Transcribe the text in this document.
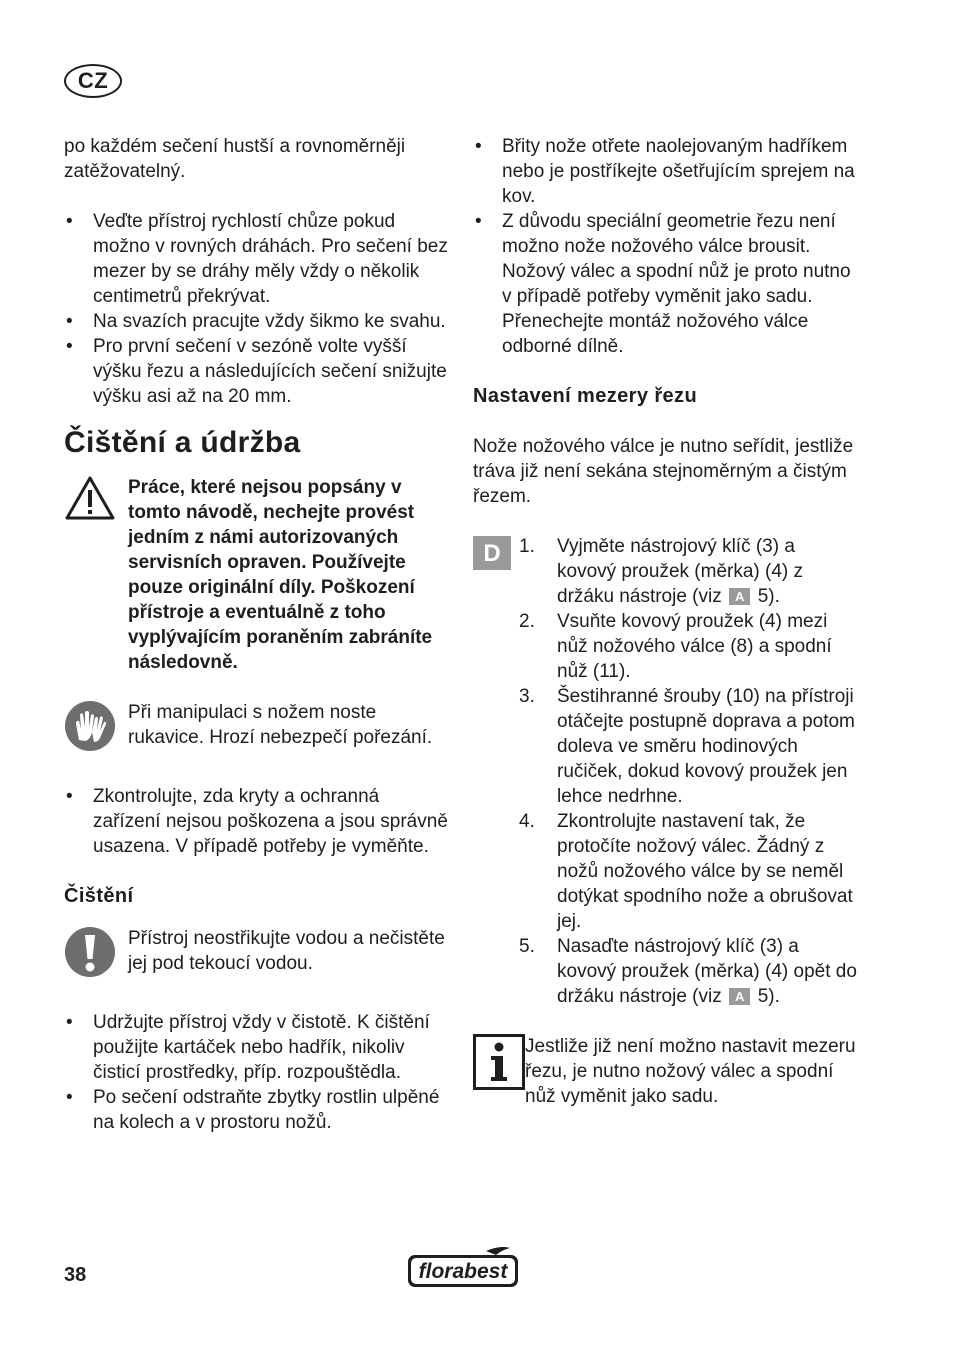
CZ

po každém sečení hustší a rovnoměrněji zatěžovatelný.

• Veďte přístroj rychlostí chůze pokud možno v rovných dráhách. Pro sečení bez mezer by se dráhy měly vždy o několik centimetrů překrývat.
• Na svazích pracujte vždy šikmo ke svahu.
• Pro první sečení v sezóně volte vyšší výšku řezu a následujících sečení snižujte výšku asi až na 20 mm.
Čištění a údržba

Práce, které nejsou popsány v tomto návodě, nechejte provést jedním z námi autorizovaných servisních opraven. Používejte pouze originální díly. Poškození přístroje a eventuálně z toho vyplývajícím poraněním zabráníte následovně.

Při manipulaci s nožem noste rukavice. Hrozí nebezpečí pořezání.

• Zkontrolujte, zda kryty a ochranná zařízení nejsou poškozena a jsou správně usazena. V případě potřeby je vyměňte.
Čištění

Přístroj neostřikujte vodou a nečistěte jej pod tekoucí vodou.

• Udržujte přístroj vždy v čistotě. K čištění použijte kartáček nebo hadřík, nikoliv čisticí prostředky, příp. rozpouštědla.
• Po sečení odstraňte zbytky rostlin ulpěné na kolech a v prostoru nožů.
• Břity nože otřete naolejovaným hadříkem nebo je postříkejte ošetřujícím sprejem na kov.
• Z důvodu speciální geometrie řezu není možno nože nožového válce brousit. Nožový válec a spodní nůž je proto nutno v případě potřeby vyměnit jako sadu. Přenechejte montáž nožového válce odborné dílně.
Nastavení mezery řezu

Nože nožového válce je nutno seřídit, jestliže tráva již není sekána stejnoměrným a čistým řezem.

D 1. Vyjměte nástrojový klíč (3) a kovový proužek (měrka) (4) z držáku nástroje (viz A 5).
2. Vsuňte kovový proužek (4) mezi nůž nožového válce (8) a spodní nůž (11).
3. Šestihranné šrouby (10) na přístroji otáčejte postupně doprava a potom doleva ve směru hodinových ručiček, dokud kovový proužek jen lehce nedrhne.
4. Zkontrolujte nastavení tak, že protočíte nožový válec. Žádný z nožů nožového válce by se neměl dotýkat spodního nože a obrušovat jej.
5. Nasaďte nástrojový klíč (3) a kovový proužek (měrka) (4) opět do držáku nástroje (viz A 5).

Jestliže již není možno nastavit mezeru řezu, je nutno nožový válec a spodní nůž vyměnit jako sadu.

38	florabest
